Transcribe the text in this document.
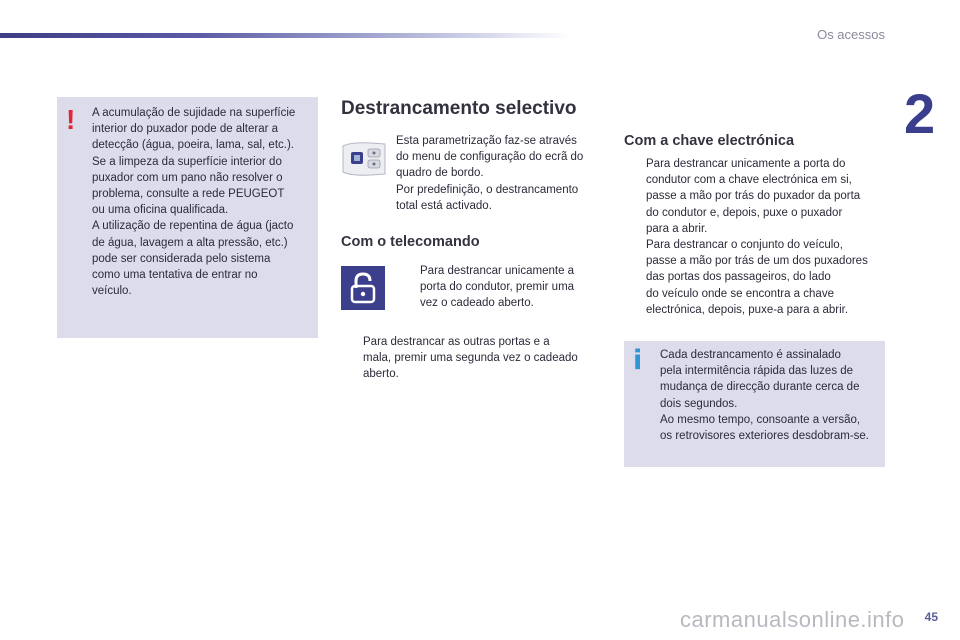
Os acessos
2
45
! A acumulação de sujidade na superfície
interior do puxador pode de alterar a
detecção (água, poeira, lama, sal, etc.).
Se a limpeza da superfície interior do
puxador com um pano não resolver o
problema, consulte a rede PEUGEOT
ou uma oficina qualificada.
A utilização de repentina de água (jacto
de água, lavagem a alta pressão, etc.)
pode ser considerada pelo sistema
como uma tentativa de entrar no
veículo.
Destrancamento selectivo
Esta parametrização faz-se através
do menu de configuração do ecrã do
quadro de bordo.
Por predefinição, o destrancamento
total está activado.
Com o telecomando
Para destrancar unicamente a
porta do condutor, premir uma
vez o cadeado aberto.
Para destrancar as outras portas e a
mala, premir uma segunda vez o cadeado
aberto.
Com a chave electrónica
Para destrancar unicamente a porta do
condutor com a chave electrónica em si,
passe a mão por trás do puxador da porta
do condutor e, depois, puxe o puxador
para a abrir.
Para destrancar o conjunto do veículo,
passe a mão por trás de um dos puxadores
das portas dos passageiros, do lado
do veículo onde se encontra a chave
electrónica, depois, puxe-a para a abrir.
i Cada destrancamento é assinalado
pela intermitência rápida das luzes de
mudança de direcção durante cerca de
dois segundos.
Ao mesmo tempo, consoante a versão,
os retrovisores exteriores desdobram-se.
carmanualsonline.info
